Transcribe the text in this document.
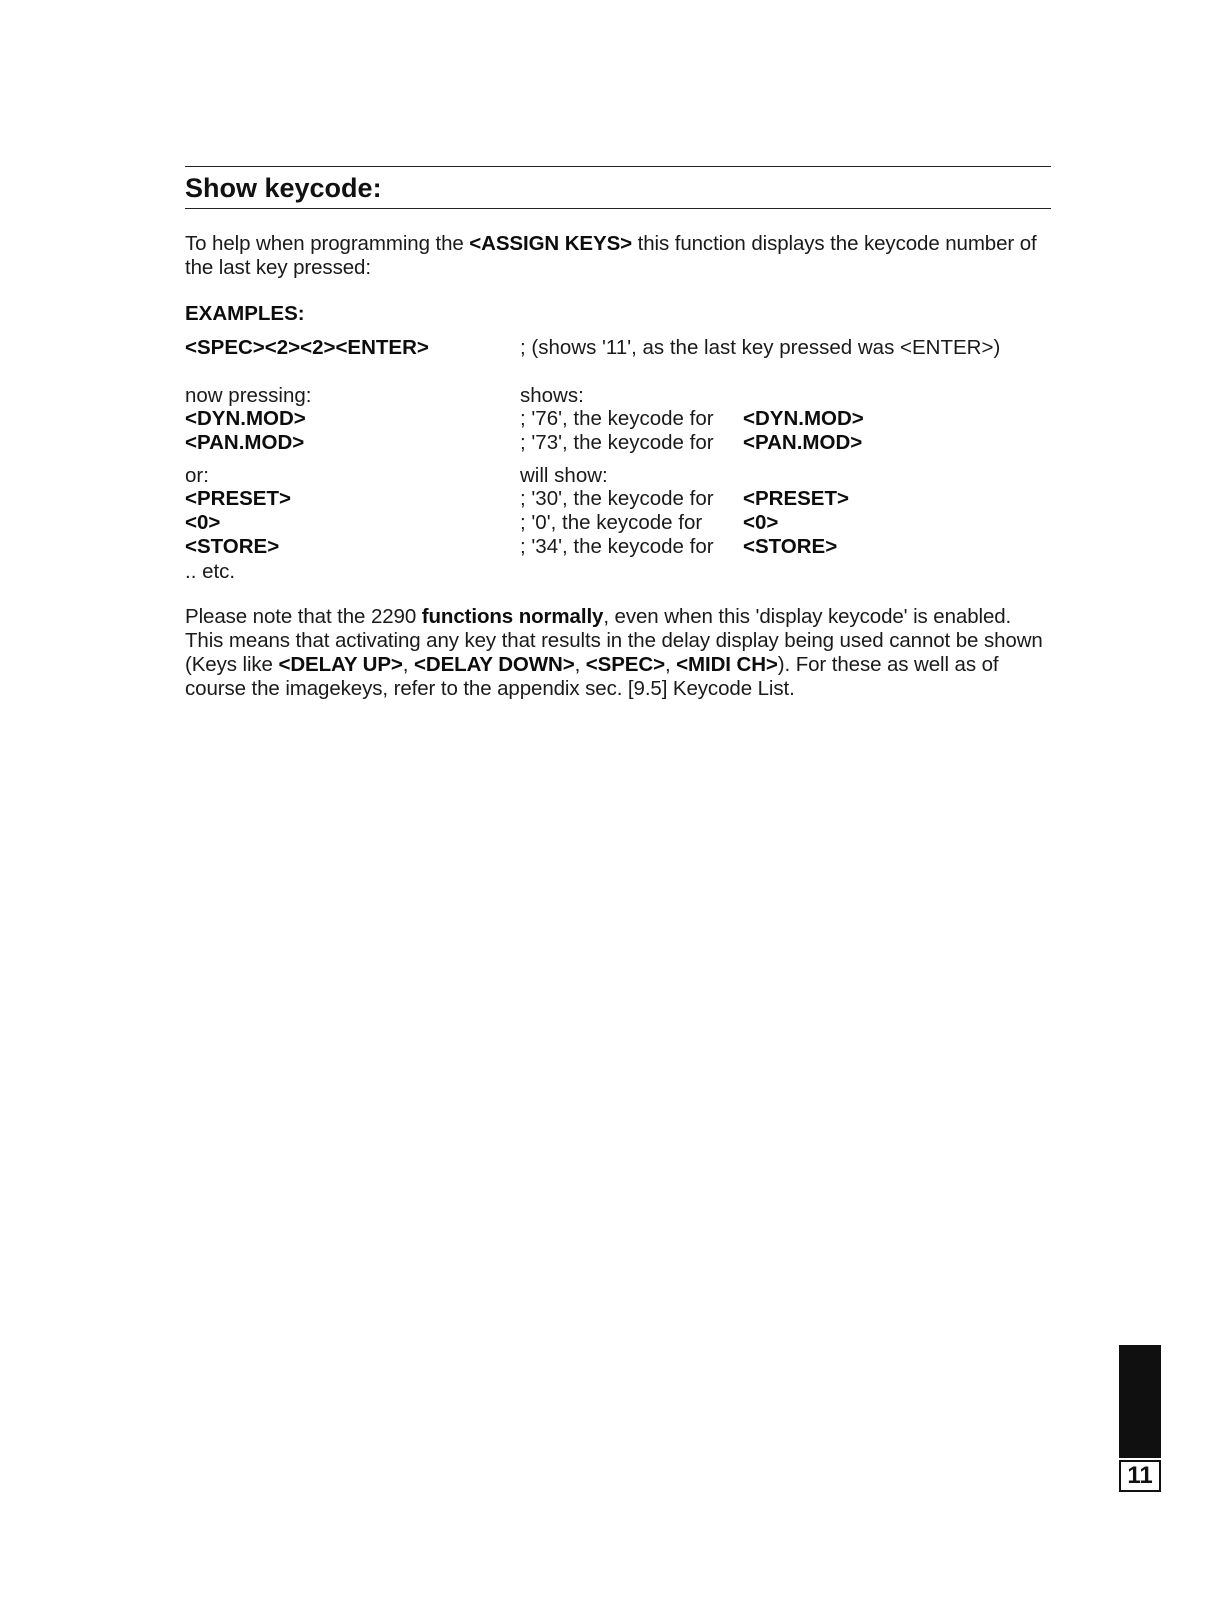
Show keycode:
To help when programming the <ASSIGN KEYS> this function displays the keycode number of the last key pressed:
EXAMPLES:
<SPEC><2><2><ENTER>	; (shows '11', as the last key pressed was <ENTER>)
now pressing:	shows:
<DYN.MOD>	; '76', the keycode for <DYN.MOD>
<PAN.MOD>	; '73', the keycode for <PAN.MOD>
or:	will show:
<PRESET>	; '30', the keycode for <PRESET>
<0>	; '0', the keycode for <0>
<STORE>	; '34', the keycode for <STORE>
.. etc.
Please note that the 2290 functions normally, even when this 'display keycode' is enabled. This means that activating any key that results in the delay display being used cannot be shown (Keys like <DELAY UP>, <DELAY DOWN>, <SPEC>, <MIDI CH>). For these as well as of course the imagekeys, refer to the appendix sec. [9.5] Keycode List.
11
